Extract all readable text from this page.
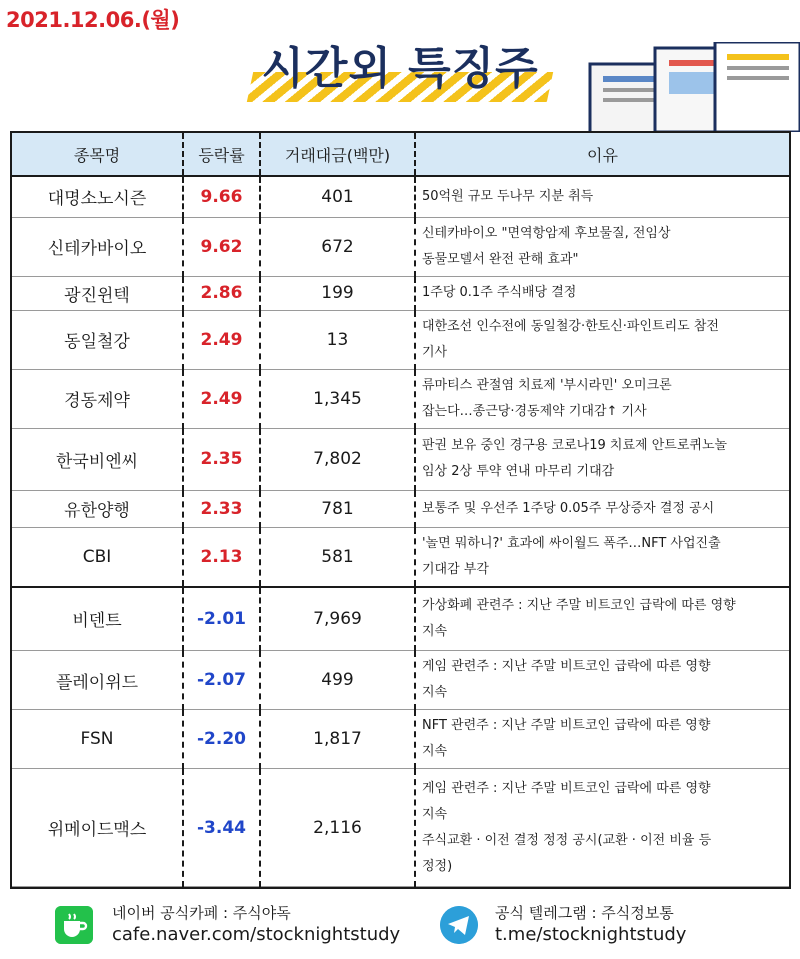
2021.12.06.(월)
시간외 특징주
종목명	등락률	거래대금(백만)	이유
대명소노시즌	9.66	401	50억원 규모 두나무 지분 취득

신테카바이오	9.62	672	신테카바이오 "면역항암제 후보물질, 전임상
동물모델서 완전 관해 효과"

광진윈텍	2.86	199	1주당 0.1주 주식배당 결정

동일철강	2.49	13	대한조선 인수전에 동일철강·한토신·파인트리도 참전
기사

경동제약	2.49	1,345	류마티스 관절염 치료제 '부시라민' 오미크론
잡는다…종근당·경동제약 기대감↑ 기사

한국비엔씨	2.35	7,802	판권 보유 중인 경구용 코로나19 치료제 안트로퀴노놀
임상 2상 투약 연내 마무리 기대감

유한양행	2.33	781	보통주 및 우선주 1주당 0.05주 무상증자 결정 공시

CBI	2.13	581	'놀면 뭐하니?' 효과에 싸이월드 폭주…NFT 사업진출
기대감 부각

비덴트	-2.01	7,969	가상화폐 관련주 : 지난 주말 비트코인 급락에 따른 영향
지속

플레이위드	-2.07	499	게임 관련주 : 지난 주말 비트코인 급락에 따른 영향
지속

FSN	-2.20	1,817	NFT 관련주 : 지난 주말 비트코인 급락에 따른 영향
지속

위메이드맥스	-3.44	2,116	게임 관련주 : 지난 주말 비트코인 급락에 따른 영향
지속
주식교환 · 이전 결정 정정 공시(교환 · 이전 비율 등
정정)
네이버 공식카페 : 주식야독
cafe.naver.com/stocknightstudy
공식 텔레그램 : 주식정보통
t.me/stocknightstudy
